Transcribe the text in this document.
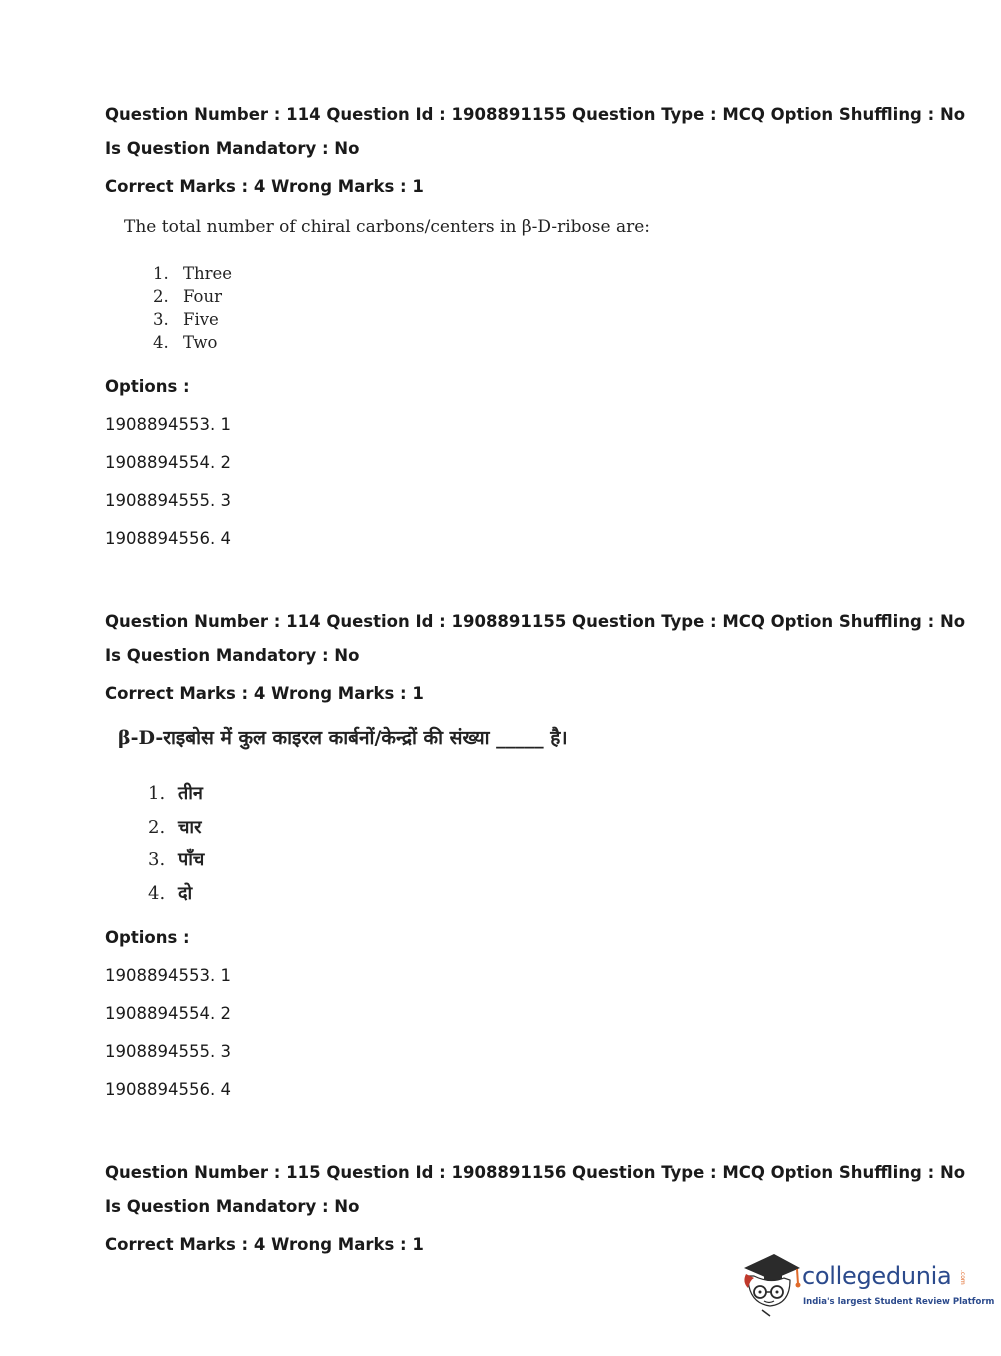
Question Number : 114 Question Id : 1908891155 Question Type : MCQ Option Shuffling : No
Is Question Mandatory : No
Correct Marks : 4 Wrong Marks : 1
The total number of chiral carbons/centers in β-D-ribose are:
1. Three
2. Four
3. Five
4. Two
Options :
1908894553. 1
1908894554. 2
1908894555. 3
1908894556. 4
Question Number : 114 Question Id : 1908891155 Question Type : MCQ Option Shuffling : No
Is Question Mandatory : No
Correct Marks : 4 Wrong Marks : 1
β-D-राइबोस में कुल काइरल कार्बनों/केन्द्रों की संख्या _____ है।
1. तीन
2. चार
3. पाँच
4. दो
Options :
1908894553. 1
1908894554. 2
1908894555. 3
1908894556. 4
Question Number : 115 Question Id : 1908891156 Question Type : MCQ Option Shuffling : No
Is Question Mandatory : No
Correct Marks : 4 Wrong Marks : 1
collegedunia .com
India's largest Student Review Platform
